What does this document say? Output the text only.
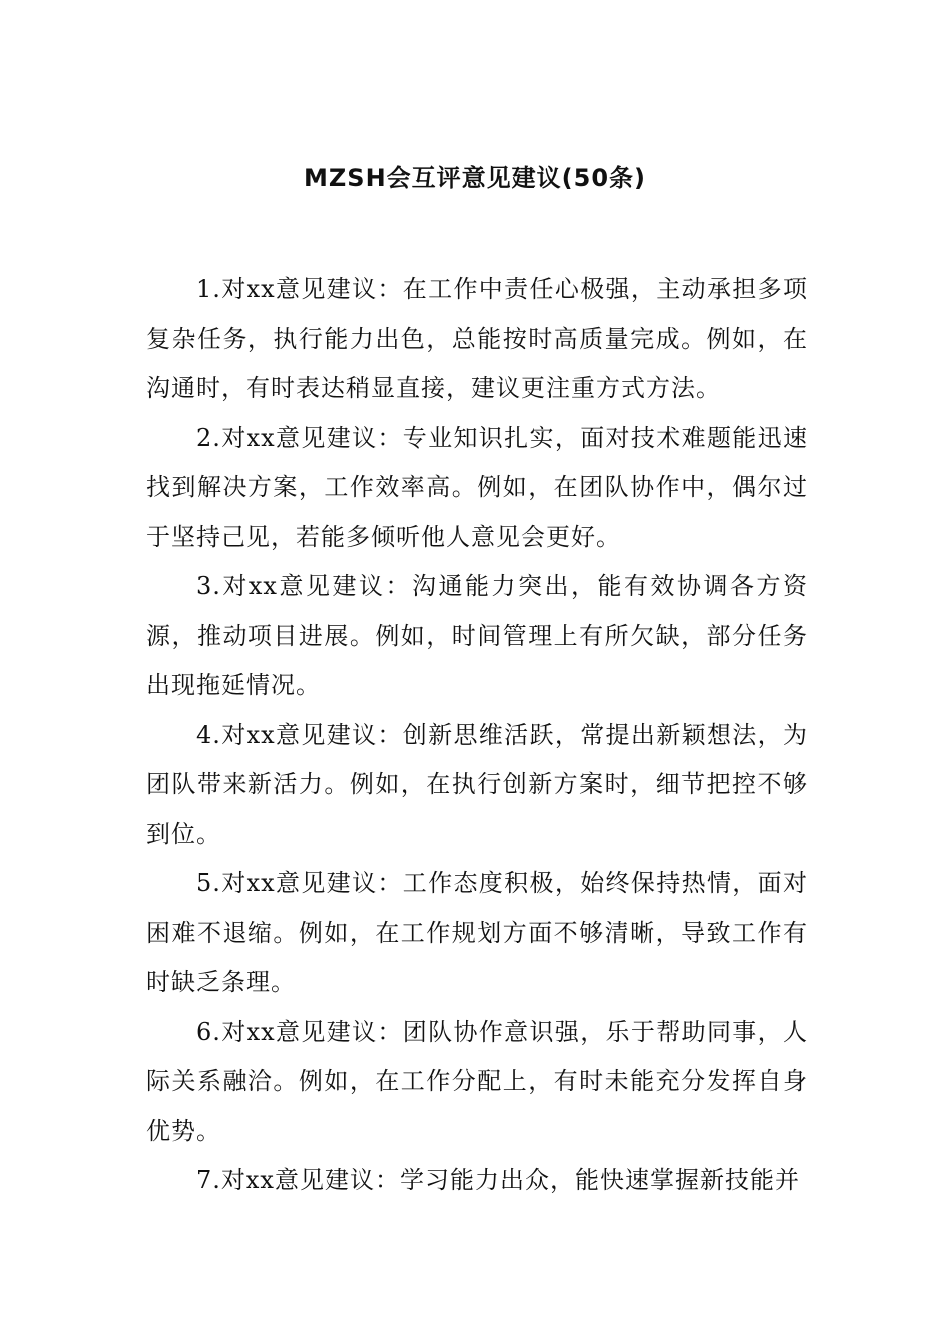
MZSH会互评意见建议(50条)

1.对xx意见建议：在工作中责任心极强，主动承担多项复杂任务，执行能力出色，总能按时高质量完成。例如，在沟通时，有时表达稍显直接，建议更注重方式方法。

2.对xx意见建议：专业知识扎实，面对技术难题能迅速找到解决方案，工作效率高。例如，在团队协作中，偶尔过于坚持己见，若能多倾听他人意见会更好。

3.对xx意见建议：沟通能力突出，能有效协调各方资源，推动项目进展。例如，时间管理上有所欠缺，部分任务出现拖延情况。

4.对xx意见建议：创新思维活跃，常提出新颖想法，为团队带来新活力。例如，在执行创新方案时，细节把控不够到位。

5.对xx意见建议：工作态度积极，始终保持热情，面对困难不退缩。例如，在工作规划方面不够清晰，导致工作有时缺乏条理。

6.对xx意见建议：团队协作意识强，乐于帮助同事，人际关系融洽。例如，在工作分配上，有时未能充分发挥自身优势。

7.对xx意见建议：学习能力出众，能快速掌握新技能并
